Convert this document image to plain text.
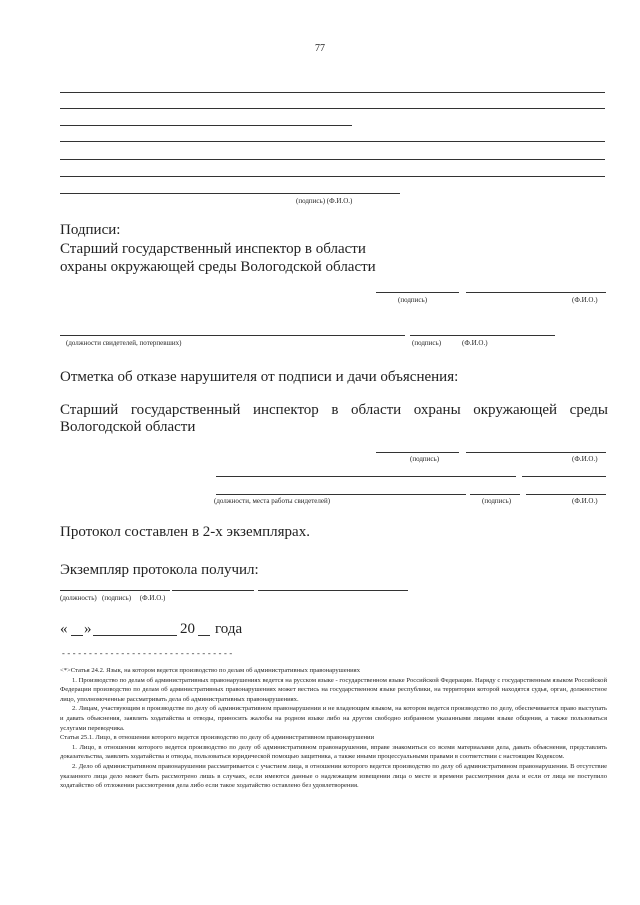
77
(подпись) (Ф.И.О.)
Подписи:
Старший государственный инспектор в области
охраны окружающей среды Вологодской области
(подпись)	(Ф.И.О.)
(должности свидетелей, потерпевших)	(подпись)	(Ф.И.О.)
Отметка об отказе нарушителя от подписи и дачи объяснения:
Старший государственный инспектор в области охраны окружающей среды
Вологодской области
(подпись)	(Ф.И.О.)
(должности, места работы свидетелей)	(подпись)	(Ф.И.О.)
Протокол составлен в 2-х экземплярах.
Экземпляр протокола получил:
(должность)   (подпись)     (Ф.И.О.)
« »	20 года
--------------------------------

<*>Статья 24.2. Язык, на котором ведется производство по делам об административных правонарушениях

1. Производство по делам об административных правонарушениях ведется на русском языке - государственном языке Российской Федерации. Наряду с государственным языком Российской Федерации производство по делам об административных правонарушениях может вестись на государственном языке республики, на территории которой находятся судья, орган, должностное лицо, уполномоченные рассматривать дела об административных правонарушениях.

2. Лицам, участвующим в производстве по делу об административном правонарушении и не владеющим языком, на котором ведется производство по делу, обеспечивается право выступать и давать объяснения, заявлять ходатайства и отводы, приносить жалобы на родном языке либо на другом свободно избранном указанными лицами языке общения, а также пользоваться услугами переводчика.

Статья 25.1. Лицо, в отношении которого ведется производство по делу об административном правонарушении

1. Лицо, в отношении которого ведется производство по делу об административном правонарушении, вправе знакомиться со всеми материалами дела, давать объяснения, представлять доказательства, заявлять ходатайства и отводы, пользоваться юридической помощью защитника, а также иными процессуальными правами в соответствии с настоящим Кодексом.

2. Дело об административном правонарушении рассматривается с участием лица, в отношении которого ведется производство по делу об административном правонарушении. В отсутствие указанного лица дело может быть рассмотрено лишь в случаях, если имеются данные о надлежащем извещении лица о месте и времени рассмотрения дела и если от лица не поступило ходатайство об отложении рассмотрения дела либо если такое ходатайство оставлено без удовлетворения.
